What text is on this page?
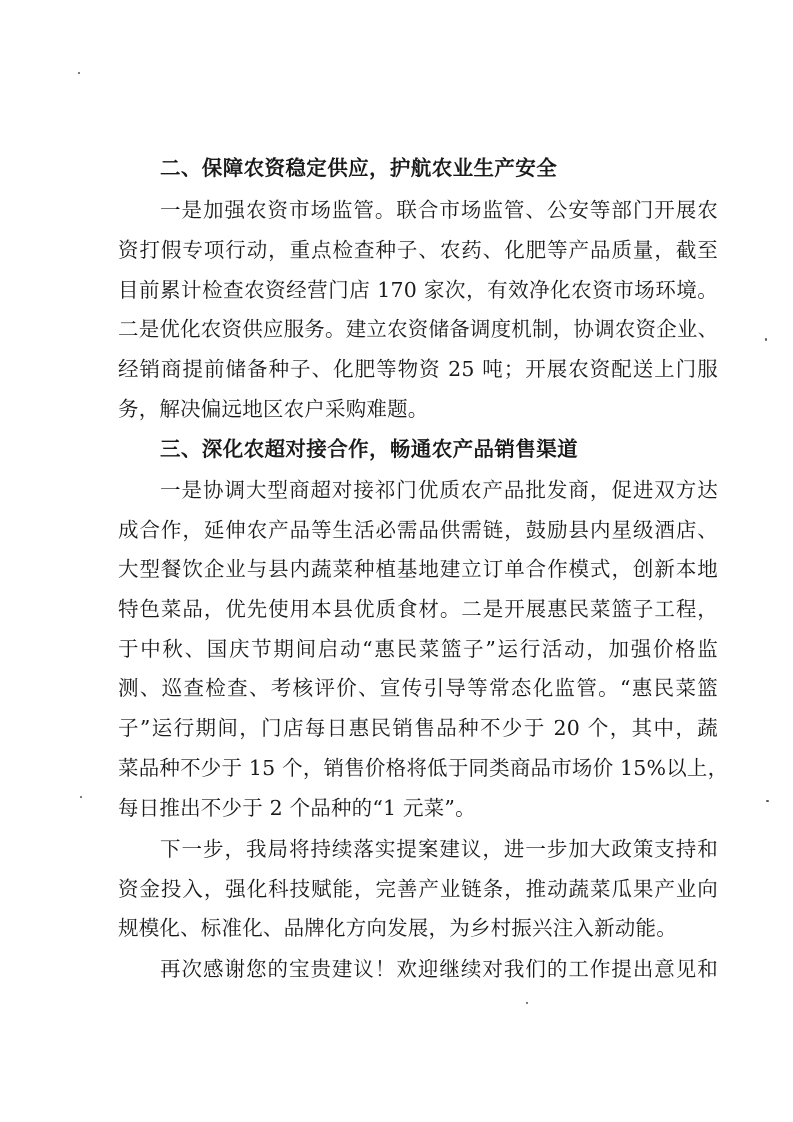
二、保障农资稳定供应，护航农业生产安全
一是加强农资市场监管。联合市场监管、公安等部门开展农
资打假专项行动，重点检查种子、农药、化肥等产品质量，截至
目前累计检查农资经营门店 170 家次，有效净化农资市场环境。
二是优化农资供应服务。建立农资储备调度机制，协调农资企业、
经销商提前储备种子、化肥等物资 25 吨；开展农资配送上门服
务，解决偏远地区农户采购难题。
三、深化农超对接合作，畅通农产品销售渠道
一是协调大型商超对接祁门优质农产品批发商，促进双方达
成合作，延伸农产品等生活必需品供需链，鼓励县内星级酒店、
大型餐饮企业与县内蔬菜种植基地建立订单合作模式，创新本地
特色菜品，优先使用本县优质食材。二是开展惠民菜篮子工程，
于中秋、国庆节期间启动“惠民菜篮子”运行活动，加强价格监
测、巡查检查、考核评价、宣传引导等常态化监管。“惠民菜篮
子”运行期间，门店每日惠民销售品种不少于 20 个，其中，蔬
菜品种不少于 15 个，销售价格将低于同类商品市场价 15%以上，
每日推出不少于 2 个品种的“1 元菜”。
下一步，我局将持续落实提案建议，进一步加大政策支持和
资金投入，强化科技赋能，完善产业链条，推动蔬菜瓜果产业向
规模化、标准化、品牌化方向发展，为乡村振兴注入新动能。
再次感谢您的宝贵建议！欢迎继续对我们的工作提出意见和
